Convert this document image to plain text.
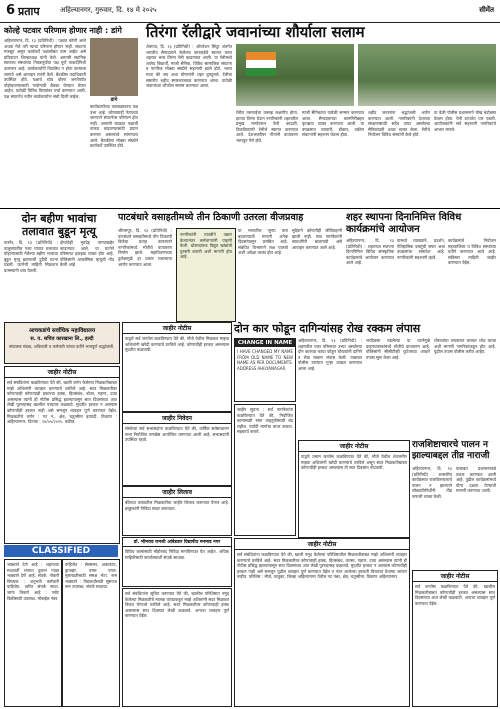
6 प्रताप	अहिल्यानगर, गुरुवार, दि. १४ मे २०२५	सीमेंत
कोल्हे पटवार परिणाम होणार नाही : डांगे
अहिल्यानगर, दि. १३ (प्रतिनिधी) : पक्षात कोणी आले अथवा गेले तरी त्याचा परिणाम होणार नाही. संघटना मजबूत असून कार्यकर्ते पक्षासोबत ठाम आहेत असे प्रतिपादन जिल्हाध्यक्ष यांनी केले. आगामी स्थानिक स्वराज्य संस्थांच्या निवडणुकीत पक्ष पूर्ण ताकदीनिशी उतरणार आहे. कार्यकर्त्यांनी विचलित न होता कामाला लागावे असे आवाहन त्यांनी केले. बैठकीस पदाधिकारी उपस्थित होते. पक्षाचे ध्येय धोरण जनतेपर्यंत पोहोचवण्यासाठी गावोगावी बैठका घेण्यात येणार आहेत. यावेळी विविध विषयांवर चर्चा करण्यात आली. पक्ष संघटनेत नवीन कार्यकर्त्यांना संधी दिली जाईल.
डांगे
कार्यकर्त्यांच्या पाठबळावरच पक्ष उभा आहे. कोणत्याही नेत्याच्या जाण्याने संघटनेवर परिणाम होत नाही. आगामी काळात पक्षाची ताकद वाढवण्यासाठी प्रयत्न करणार असल्याचे सांगण्यात आले. बैठकीला मोठ्या संख्येने कार्यकर्ते उपस्थित होते.
तिरंगा रॅलीद्वारे जवानांच्या शौर्याला सलाम
शेवगाव, दि. १३ (प्रतिनिधी) : ऑपरेशन सिंदूर अंतर्गत भारतीय सैन्यदलाने केलेल्या कारवाईचे स्वागत करत शहरात भव्य तिरंगा रॅली काढण्यात आली. या रॅलीमध्ये शालेय विद्यार्थी, माजी सैनिक, विविध सामाजिक संघटना व नागरिक मोठ्या संख्येने सहभागी झाले होते. भारत माता की जय अशा घोषणांनी शहर दुमदुमले. रॅलीचा समारोप शहीद स्मारकाजवळ करण्यात आला. यावेळी जवानांच्या शौर्याला सलाम करण्यात आला.
रॅलीत तरुणाईचा उत्साह लक्षणीय होता. हातात तिरंगा घेऊन नागरिकांनी शहरातील प्रमुख मार्गांवरून फेरी काढली. ठिकठिकाणी रॅलीचे स्वागत करण्यात आले. देशभक्तीपर गीतांनी वातावरण भारावून गेले होते.
माजी सैनिकांचा यावेळी सन्मान करण्यात आला. सैन्यदलाच्या कामगिरीबद्दल कृतज्ञता व्यक्त करण्यात आली. या उपक्रमात व्यापारी, डॉक्टर, वकील संघटनांनी सहभाग घेतला होता.
शहीद जवानांना श्रद्धांजली अर्पण करण्यात आली. नागरिकांनी देशाच्या संरक्षणासाठी सदैव तत्पर असलेल्या सैनिकांप्रती आदर व्यक्त केला. रॅलीचे नियोजन विविध संस्थांनी केले होते.
या वेळी पोलीस प्रशासनाने चोख बंदोबस्त ठेवला होता. रॅली शांततेत पार पडली. आयोजकांनी सर्व सहभागी नागरिकांचे आभार मानले.
दोन बहीण भावांचा तलावात बुडून मृत्यू
पारनेर, दि. १३ (प्रतिनिधी) : तालुक्यातील एका गावात तलावात पोहण्यासाठी गेलेल्या बहीण भावाचा बुडून मृत्यू झाल्याची दुर्दैवी घटना घडली. घटनेची माहिती मिळताच ग्रामस्थांनी धाव घेतली.
दोघांचेही मृतदेह पाण्याबाहेर काढण्यात आले. या घटनेने परिसरात हळहळ व्यक्त होत आहे. पोलिसांनी आकस्मिक मृत्यूची नोंद केली आहे.
पाटबंधारे वसाहतीमध्ये तीन ठिकाणी उतरला वीजप्रवाह
श्रीरामपूर, दि. १३ (प्रतिनिधी) : पाटबंधारे वसाहतीमध्ये तीन ठिकाणी विजेचा प्रवाह उतरल्याने नागरिकांमध्ये भीतीचे वातावरण निर्माण झाले. महावितरणच्या दुर्लक्षामुळे हा प्रकार घडल्याचा आरोप करण्यात आला.
नागरिकांनी तातडीने तक्रार केल्यानंतर कर्मचाऱ्यांनी पाहणी केली. धोकादायक विद्युत खांबांची दुरुस्ती करावी अशी मागणी होत आहे.
या भागातील जुन्या तारा बदलण्याची मागणी अनेक दिवसांपासून प्रलंबित आहे. संबंधित विभागाने लक्ष घालावे अशी अपेक्षा व्यक्त होत आहे.
सुदैवाने कोणतीही जीवितहानी झाली नाही. मात्र नागरिकांनी सावधगिरी बाळगावी असे आवाहन करण्यात आले आहे.
शहर स्थापना दिनानिमित्त विविध कार्यक्रमांचे आयोजन
अहिल्यानगर, दि. १३ (प्रतिनिधी) : शहराच्या स्थापना दिनानिमित्त विविध सांस्कृतिक कार्यक्रमांचे आयोजन करण्यात आले आहे.
यामध्ये व्याख्याने, प्रदर्शन, ऐतिहासिक वास्तूंची सफर अशा उपक्रमांचा समावेश आहे. नागरिकांनी सहभागी व्हावे.
कार्यक्रमांचे नियोजन महापालिका व विविध संस्थांच्या वतीने करण्यात आले आहे. सविस्तर माहिती जाहीर करण्यात येईल.
दोन कार फोडून दागिन्यांसह रोख रक्कम लंपास
आचकडांचे सर्वाधिक महाविद्यालय
स. व. सचिव कारखाना लि., हल्दी
संचालक मंडळ, अधिकारी व कर्मचारी यांच्या वतीने भावपूर्ण श्रद्धांजली.
जाहीर नोटीस
सर्व संबंधितांना कळविण्यात येते की, खाली वर्णन केलेल्या मिळकतीबाबत माझे अशिलांनी व्यवहार करण्याचे ठरविले आहे. सदर मिळकतीवर कोणाचाही कोणत्याही प्रकारचा हक्क, हितसंबंध, बोजा, गहाण, दावा असल्यास त्यांनी ही नोटीस प्रसिद्ध झाल्यापासून सात दिवसांच्या आत लेखी पुराव्यासह खालील पत्त्यावर कळवावे. मुदतीत हरकत न आल्यास कोणाचीही हरकत नाही असे समजून व्यवहार पूर्ण करण्यात येईल. मिळकतीचे वर्णन : गट नं., क्षेत्र, चतुःसीमा इत्यादी. ठिकाण : अहिल्यानगर. दिनांक : १४/०५/२०२५. वकील.
CLASSIFIED
भाड्याने देणे आहे : शहराच्या मध्यवर्ती भागात दुकान गाळा भाड्याने देणे आहे. संपर्क. नोकरी विषयक : अनुभवी कर्मचारी पाहिजेत. त्वरित संपर्क साधा. जागा विकणे आहे : प्लॉट विक्रीसाठी उपलब्ध. मोबाईल नंबर.
पाहिजेत : सेल्समन, अकाउंटंट, ड्रायव्हर. उत्तम पगार. मुलाखतीसाठी समक्ष भेटा. रूम भाड्याने : विद्यार्थ्यांसाठी सुसज्ज रूम उपलब्ध. संपर्क साधावा.
जाहीर नोटीस
याद्वारे सर्व जनतेस कळविण्यात येते की, मौजे येथील मिळकत माझ्या अशिलांनी खरेदी करण्याचे ठरविले आहे. कोणाचीही हरकत असल्यास मुदतीत कळवावी.
जाहीर निवेदन
संस्थेच्या सर्व सभासदांना कळविण्यात येते की, वार्षिक सर्वसाधारण सभा नियोजित तारखेस आयोजित करण्यात आली आहे. सभासदांनी उपस्थित रहावे.
जाहीर लिलाव
बँकेच्या ताब्यातील मिळकतीचा जाहीर लिलाव करण्यात येणार आहे. इच्छुकांनी निविदा सादर कराव्यात.
डॉ. भीमराव रामजी आंबेडकर विद्यापीठ मनमाड नगर
विविध कामांसाठी मोहोरबंद निविदा मागविण्यात येत आहेत. अधिक माहितीसाठी कार्यालयाशी संपर्क साधावा.
सर्व संबंधितांना सूचित करण्यात येते की, खालील परिशिष्टात नमूद केलेल्या मिळकतीचे मालक यांच्याकडून माझे अशिलांनी सदर मिळकत विकत घेण्याचे ठरविले आहे. सदर मिळकतीवर कोणाचाही हक्क असल्यास सात दिवसात लेखी कळवावे. अन्यथा व्यवहार पूर्ण करण्यात येईल.
CHANGE IN NAME
I HAVE CHANGED MY NAME FROM OLD NAME TO NEW NAME AS PER DOCUMENTS. ADDRESS AHILYANAGAR.
अहिल्यानगर, दि. १३ (प्रतिनिधी) : शहरातील एका परिसरात उभ्या असलेल्या दोन कारच्या काचा फोडून चोरट्यांनी दागिने व रोख रक्कम लंपास केली. याबाबत पोलीस ठाण्यात गुन्हा दाखल करण्यात आला आहे.
भरदिवसा घडलेल्या या घटनेमुळे वाहनचालकांमध्ये भीतीचे वातावरण आहे. पोलिसांनी सीसीटीव्ही फुटेजच्या आधारे तपास सुरू केला आहे.
चोरट्यांचा लवकरात लवकर शोध घ्यावा अशी मागणी नागरिकांकडून होत आहे. पुढील तपास पोलीस करीत आहेत.
जाहीर सूचना : सर्व नागरिकांना कळविण्यात येते की, नियोजित कामासाठी रस्ता वाहतुकीसाठी बंद राहील. पर्यायी मार्गाचा वापर करावा. सहकार्य करावे.
जाहीर नोटीस
याद्वारे तमाम जनतेस कळविण्यात येते की, मौजे येथील शेतजमीन माझ्या अशिलांनी खरेदी करण्याचे ठरविले असून सदर मिळकतीबाबत कोणाचीही हरकत असल्यास ती सात दिवसांत नोंदवावी.
जाहीर नोटीस
सर्व संबंधितांना कळविण्यात येते की, खाली नमूद केलेल्या परिशिष्टातील मिळकतीबाबत माझे अशिलांनी व्यवहार करण्याचे ठरविले आहे. सदर मिळकतीवर कोणाचाही हक्क, हितसंबंध, वारसा, गहाण, दावा असल्यास त्यांनी ही नोटीस प्रसिद्ध झाल्यापासून सात दिवसांच्या आत लेखी पुराव्यासह कळवावे. मुदतीत हरकत न आल्यास कोणाचीही हरकत नाही असे समजून पुढील व्यवहार पूर्ण करण्यात येईल व नंतर आलेल्या हरकती विचारात घेतल्या जाणार नाहीत. परिशिष्ट : मौजे, तालुका, जिल्हा अहिल्यानगर येथील गट नंबर, क्षेत्र, चतुःसीमा. ठिकाण अहिल्यानगर.
राजशिष्टाचारचे पालन न झाल्याबद्दल तीव्र नाराजी
अहिल्यानगर, दि. १३ (प्रतिनिधी) : शासकीय कार्यक्रमात राजशिष्टाचाराचे पालन न झाल्याने लोकप्रतिनिधींनी तीव्र नाराजी व्यक्त केली.
याबाबत प्रशासनाकडे तक्रार करण्यात आली आहे. पुढील कार्यक्रमांमध्ये योग्य दक्षता घेण्याची मागणी करण्यात आली.
जाहीर नोटीस
सर्व जनतेस कळविण्यात येते की, खालील मिळकतीबाबत कोणाचीही हरकत असल्यास सात दिवसांच्या आत लेखी कळवावी. अन्यथा व्यवहार पूर्ण करण्यात येईल.
